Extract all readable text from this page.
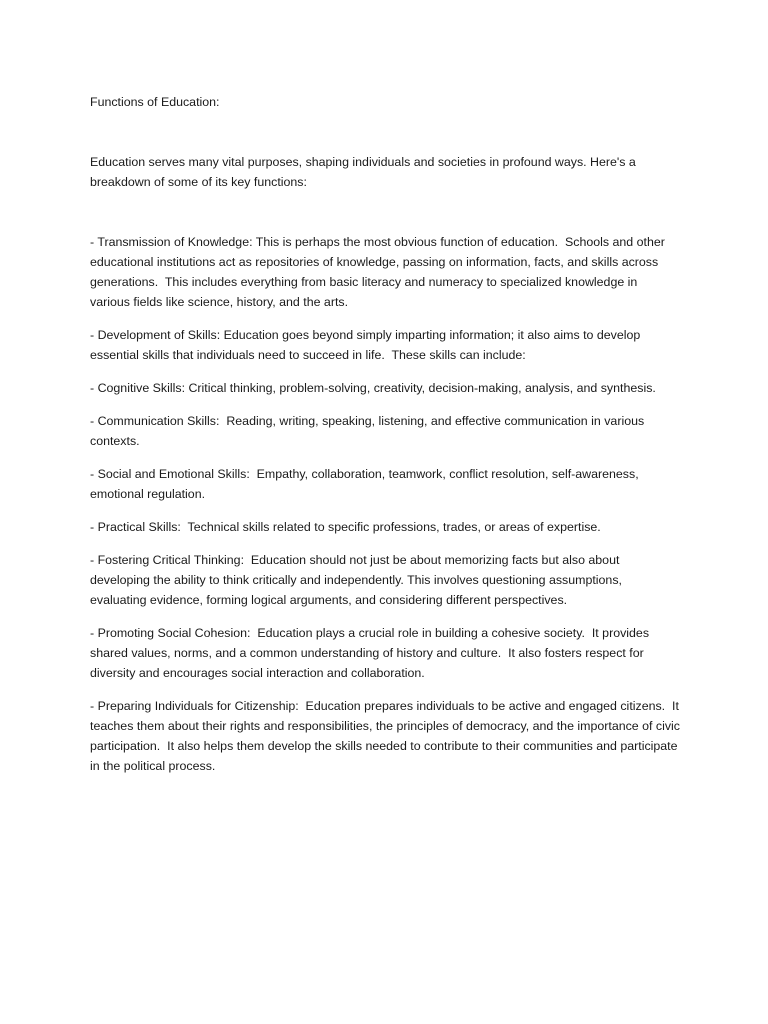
Functions of Education:

Education serves many vital purposes, shaping individuals and societies in profound ways. Here's a breakdown of some of its key functions:

- Transmission of Knowledge: This is perhaps the most obvious function of education.  Schools and other educational institutions act as repositories of knowledge, passing on information, facts, and skills across generations.  This includes everything from basic literacy and numeracy to specialized knowledge in various fields like science, history, and the arts.

- Development of Skills: Education goes beyond simply imparting information; it also aims to develop essential skills that individuals need to succeed in life.  These skills can include:

- Cognitive Skills: Critical thinking, problem-solving, creativity, decision-making, analysis, and synthesis.

- Communication Skills:  Reading, writing, speaking, listening, and effective communication in various contexts.

- Social and Emotional Skills:  Empathy, collaboration, teamwork, conflict resolution, self-awareness, emotional regulation.

- Practical Skills:  Technical skills related to specific professions, trades, or areas of expertise.

- Fostering Critical Thinking:  Education should not just be about memorizing facts but also about developing the ability to think critically and independently. This involves questioning assumptions, evaluating evidence, forming logical arguments, and considering different perspectives.

- Promoting Social Cohesion:  Education plays a crucial role in building a cohesive society.  It provides shared values, norms, and a common understanding of history and culture.  It also fosters respect for diversity and encourages social interaction and collaboration.

- Preparing Individuals for Citizenship:  Education prepares individuals to be active and engaged citizens.  It teaches them about their rights and responsibilities, the principles of democracy, and the importance of civic participation.  It also helps them develop the skills needed to contribute to their communities and participate in the political process.
